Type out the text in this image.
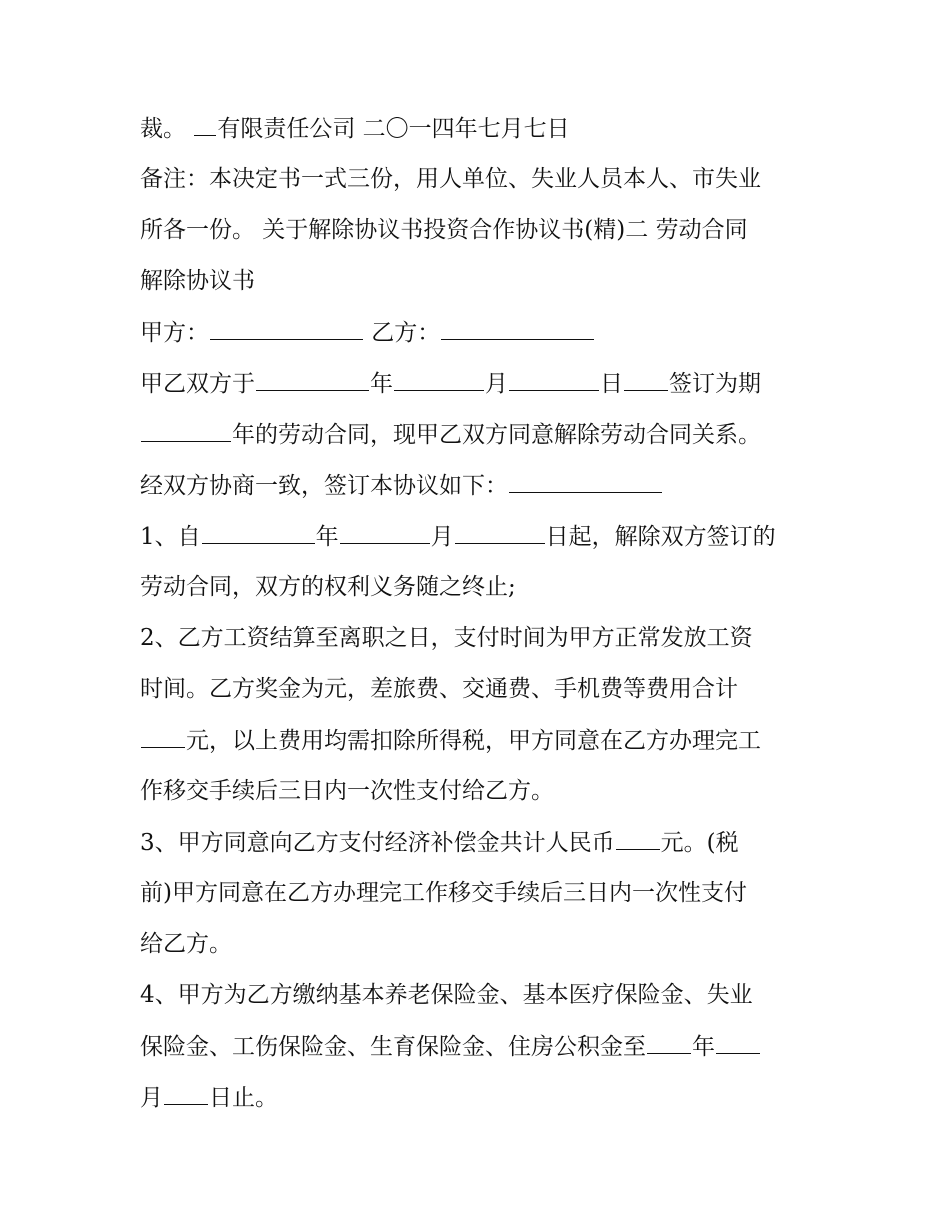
裁。 有限责任公司 二〇一四年七月七日
备注：本决定书一式三份，用人单位、失业人员本人、市失业
所各一份。 关于解除协议书投资合作协议书(精)二 劳动合同
解除协议书
甲方：	乙方：
甲乙双方于	年	月	日 签订为期
年的劳动合同，现甲乙双方同意解除劳动合同关系。
经双方协商一致，签订本协议如下：
1、自	年	月	日起，解除双方签订的
劳动合同，双方的权利义务随之终止;
2、乙方工资结算至离职之日，支付时间为甲方正常发放工资
时间。乙方奖金为元，差旅费、交通费、手机费等费用合计
元，以上费用均需扣除所得税，甲方同意在乙方办理完工
作移交手续后三日内一次性支付给乙方。
3、甲方同意向乙方支付经济补偿金共计人民币 元。(税
前)甲方同意在乙方办理完工作移交手续后三日内一次性支付
给乙方。
4、甲方为乙方缴纳基本养老保险金、基本医疗保险金、失业
保险金、工伤保险金、生育保险金、住房公积金至 年
月 日止。
